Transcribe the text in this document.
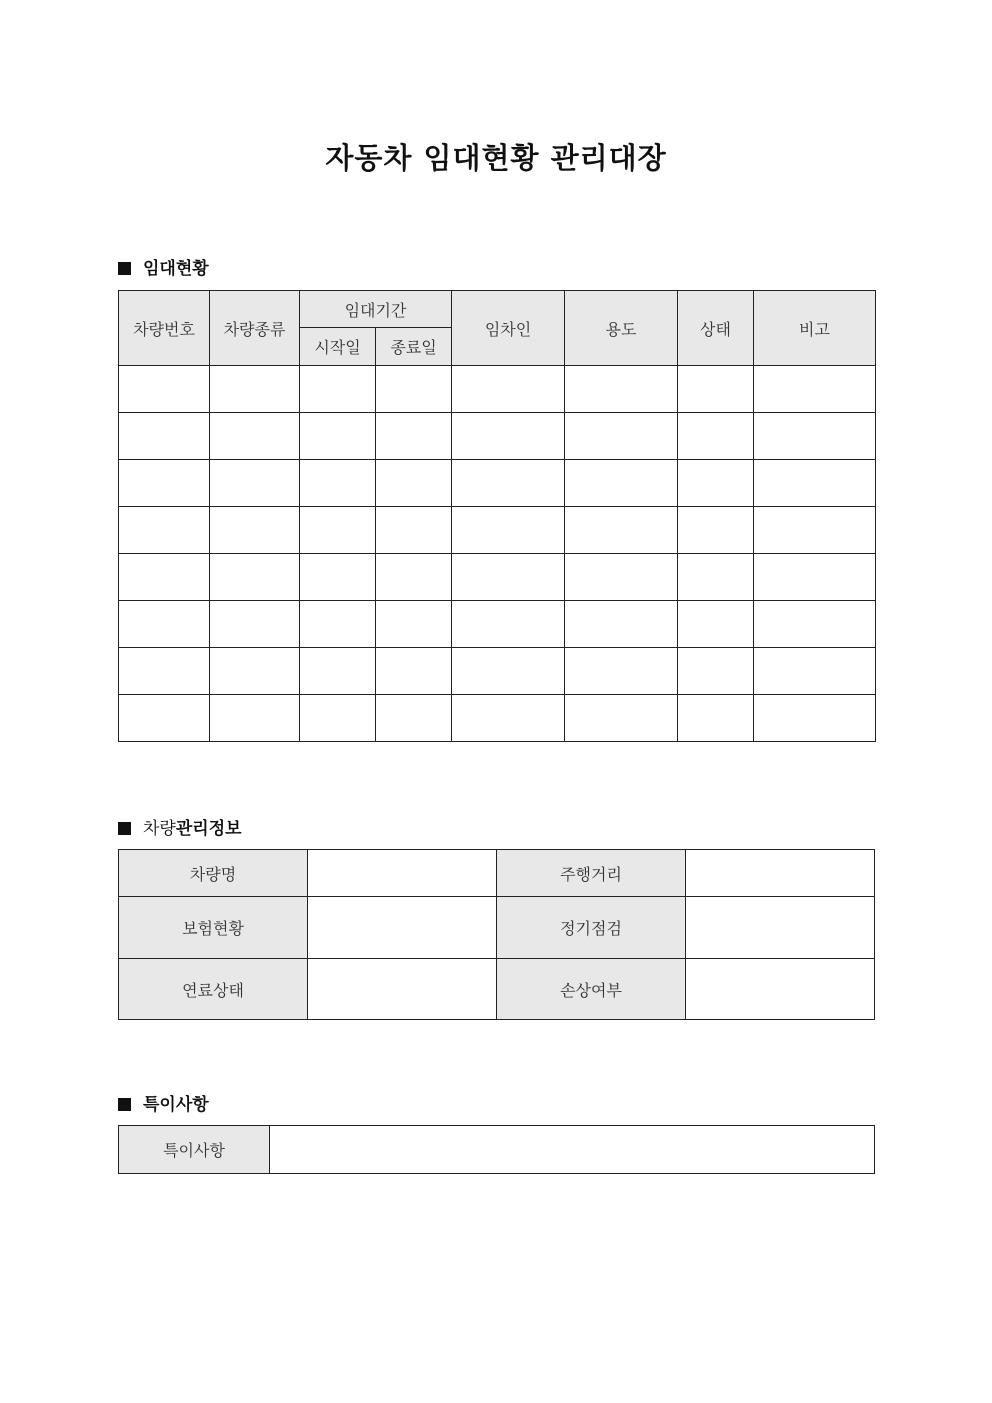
자동차 임대현황 관리대장
임대현황
차량번호	차량종류	임대기간		임차인	용도	상태	비고
		시작일	종료일				

차량관리정보
차량명		주행거리	
보험현황		정기점검	
연료상태		손상여부	
특이사항
특이사항	
